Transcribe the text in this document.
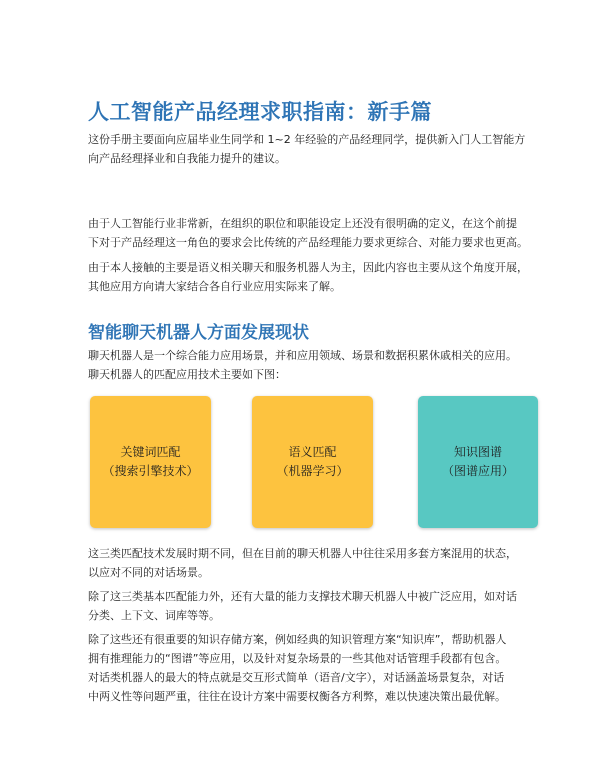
人工智能产品经理求职指南：新手篇
这份手册主要面向应届毕业生同学和 1~2 年经验的产品经理同学，提供新入门人工智能方
向产品经理择业和自我能力提升的建议。
由于人工智能行业非常新，在组织的职位和职能设定上还没有很明确的定义，在这个前提
下对于产品经理这一角色的要求会比传统的产品经理能力要求更综合、对能力要求也更高。
由于本人接触的主要是语义相关聊天和服务机器人为主，因此内容也主要从这个角度开展，
其他应用方向请大家结合各自行业应用实际来了解。
智能聊天机器人方面发展现状
聊天机器人是一个综合能力应用场景，并和应用领域、场景和数据积累休戚相关的应用。
聊天机器人的匹配应用技术主要如下图：
关键词匹配
（搜索引擎技术）
语义匹配
（机器学习）
知识图谱
（图谱应用）
这三类匹配技术发展时期不同，但在目前的聊天机器人中往往采用多套方案混用的状态，
以应对不同的对话场景。
除了这三类基本匹配能力外，还有大量的能力支撑技术聊天机器人中被广泛应用，如对话
分类、上下文、词库等等。
除了这些还有很重要的知识存储方案，例如经典的知识管理方案“知识库”，帮助机器人
拥有推理能力的“图谱”等应用，以及针对复杂场景的一些其他对话管理手段都有包含。
对话类机器人的最大的特点就是交互形式简单（语音/文字），对话涵盖场景复杂，对话
中两义性等问题严重，往往在设计方案中需要权衡各方利弊，难以快速决策出最优解。
